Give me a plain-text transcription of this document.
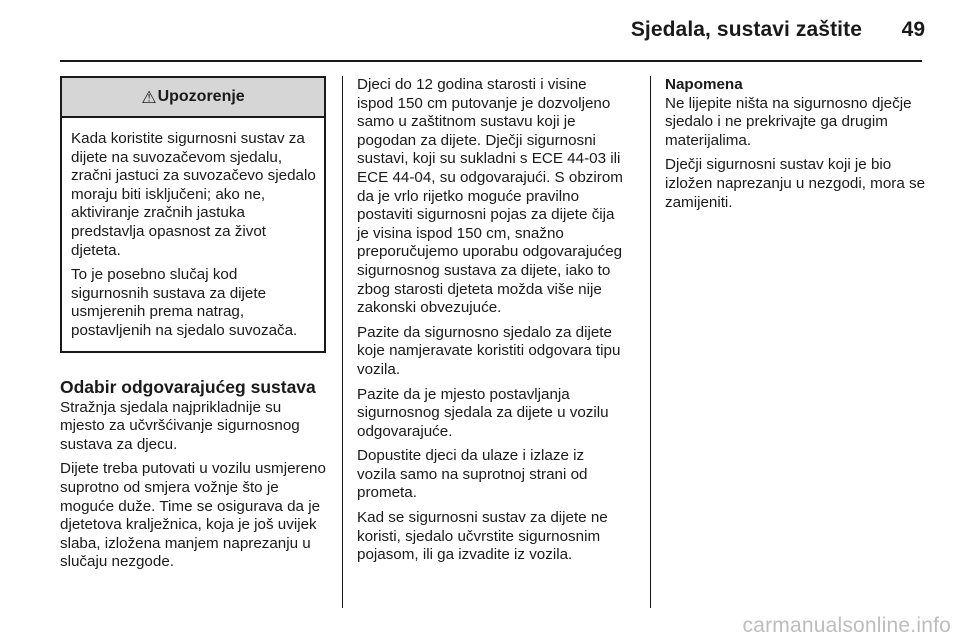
Sjedala, sustavi zaštite	49
⚠ Upozorenje

Kada koristite sigurnosni sustav za dijete na suvozačevom sjedalu, zračni jastuci za suvozačevo sjedalo moraju biti isključeni; ako ne, aktiviranje zračnih jastuka predstavlja opasnost za život djeteta.

To je posebno slučaj kod sigurnosnih sustava za dijete usmjerenih prema natrag, postavljenih na sjedalo suvozača.

Odabir odgovarajućeg sustava

Stražnja sjedala najprikladnije su mjesto za učvršćivanje sigurnosnog sustava za djecu.

Dijete treba putovati u vozilu usmjereno suprotno od smjera vožnje što je moguće duže. Time se osigurava da je djetetova kralježnica, koja je još uvijek slaba, izložena manjem naprezanju u slučaju nezgode.

Djeci do 12 godina starosti i visine ispod 150 cm putovanje je dozvoljeno samo u zaštitnom sustavu koji je pogodan za dijete. Dječji sigurnosni sustavi, koji su sukladni s ECE 44-03 ili ECE 44-04, su odgovarajući. S obzirom da je vrlo rijetko moguće pravilno postaviti sigurnosni pojas za dijete čija je visina ispod 150 cm, snažno preporučujemo uporabu odgovarajućeg sigurnosnog sustava za dijete, iako to zbog starosti djeteta možda više nije zakonski obvezujuće.

Pazite da sigurnosno sjedalo za dijete koje namjeravate koristiti odgovara tipu vozila.

Pazite da je mjesto postavljanja sigurnosnog sjedala za dijete u vozilu odgovarajuće.

Dopustite djeci da ulaze i izlaze iz vozila samo na suprotnoj strani od prometa.

Kad se sigurnosni sustav za dijete ne koristi, sjedalo učvrstite sigurnosnim pojasom, ili ga izvadite iz vozila.

Napomena

Ne lijepite ništa na sigurnosno dječje sjedalo i ne prekrivajte ga drugim materijalima.

Dječji sigurnosni sustav koji je bio izložen naprezanju u nezgodi, mora se zamijeniti.

carmanualsonline.info
